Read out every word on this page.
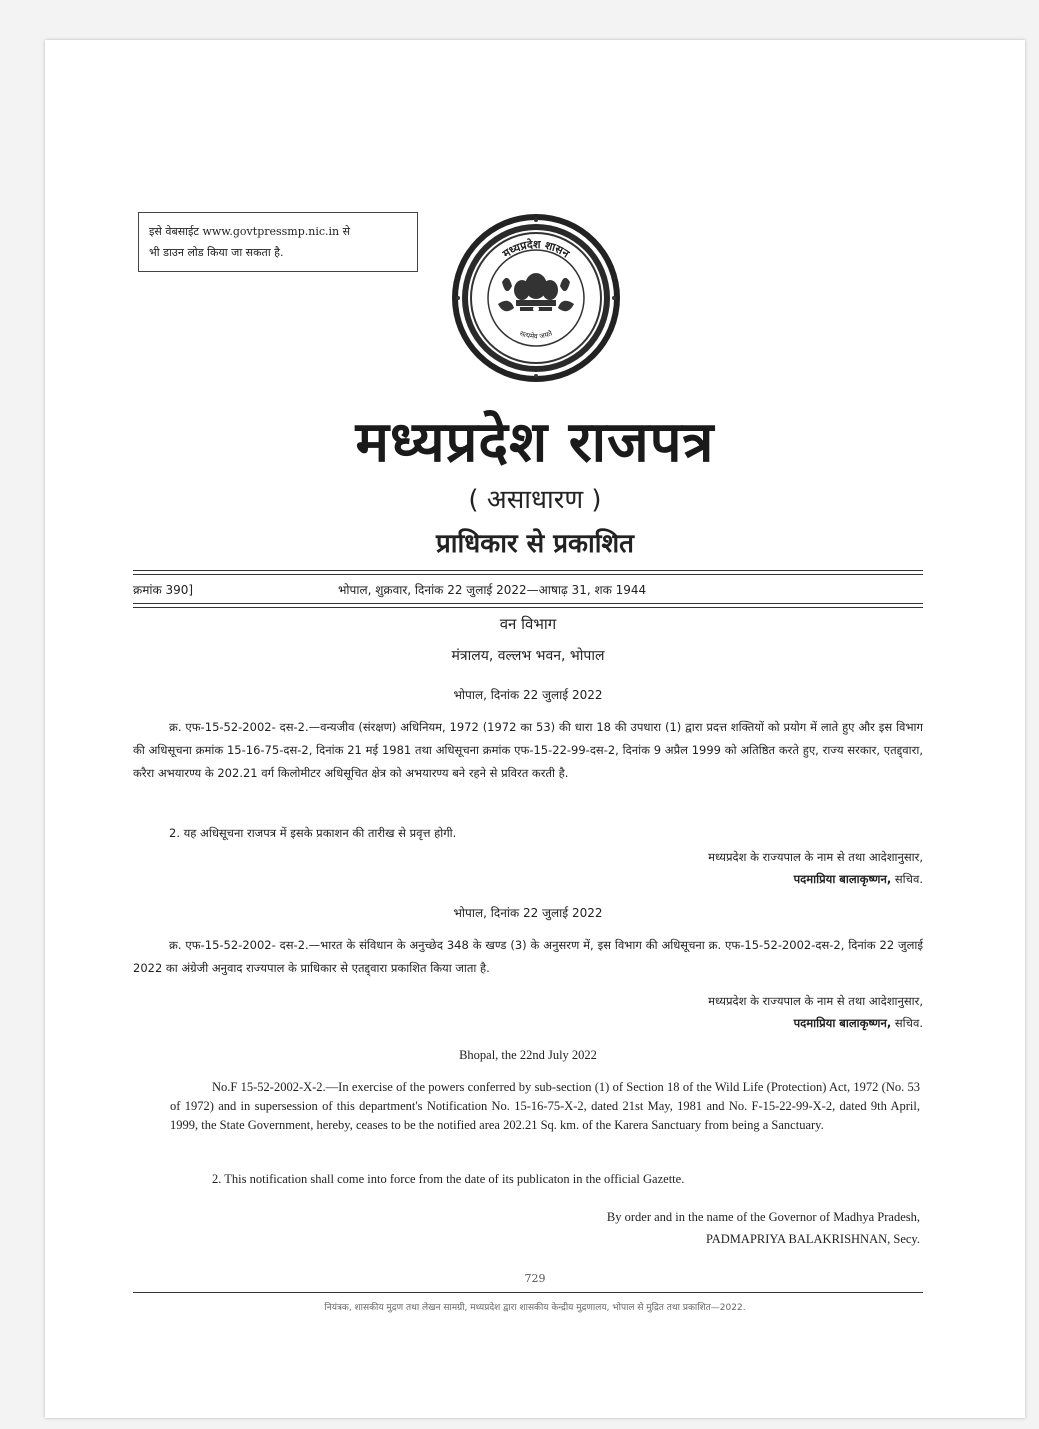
इसे वेबसाईट www.govtpressmp.nic.in से
भी डाउन लोड किया जा सकता है.	मध्यप्रदेश शासन
सत्यमेव जयते
मध्यप्रदेश राजपत्र
( असाधारण )
प्राधिकार से प्रकाशित
क्रमांक 390]	भोपाल, शुक्रवार, दिनांक 22 जुलाई 2022—आषाढ़ 31, शक 1944
वन विभाग
मंत्रालय, वल्लभ भवन, भोपाल
भोपाल, दिनांक 22 जुलाई 2022

क्र. एफ-15-52-2002- दस-2.—वन्यजीव (संरक्षण) अधिनियम, 1972 (1972 का 53) की धारा 18 की उपधारा (1) द्वारा प्रदत्त शक्तियों को प्रयोग में लाते हुए और इस विभाग की अधिसूचना क्रमांक 15-16-75-दस-2, दिनांक 21 मई 1981 तथा अधिसूचना क्रमांक एफ-15-22-99-दस-2, दिनांक 9 अप्रैल 1999 को अतिष्ठित करते हुए, राज्य सरकार, एतद्द्वारा, करैरा अभयारण्य के 202.21 वर्ग किलोमीटर अधिसूचित क्षेत्र को अभयारण्य बने रहने से प्रविरत करती है.

2. यह अधिसूचना राजपत्र में इसके प्रकाशन की तारीख से प्रवृत्त होगी.

मध्यप्रदेश के राज्यपाल के नाम से तथा आदेशानुसार,
पदमाप्रिया बालाकृष्णन, सचिव.
भोपाल, दिनांक 22 जुलाई 2022

क्र. एफ-15-52-2002- दस-2.—भारत के संविधान के अनुच्छेद 348 के खण्ड (3) के अनुसरण में, इस विभाग की अधिसूचना क्र. एफ-15-52-2002-दस-2, दिनांक 22 जुलाई 2022 का अंग्रेजी अनुवाद राज्यपाल के प्राधिकार से एतद्द्वारा प्रकाशित किया जाता है.

मध्यप्रदेश के राज्यपाल के नाम से तथा आदेशानुसार,
पदमाप्रिया बालाकृष्णन, सचिव.
Bhopal, the 22nd July 2022

No.F 15-52-2002-X-2.—In exercise of the powers conferred by sub-section (1) of Section 18 of the Wild Life (Protection) Act, 1972 (No. 53 of 1972) and in supersession of this department's Notification No. 15-16-75-X-2, dated 21st May, 1981 and No. F-15-22-99-X-2, dated 9th April, 1999, the State Government, hereby, ceases to be the notified area 202.21 Sq. km. of the Karera Sanctuary from being a Sanctuary.

2. This notification shall come into force from the date of its publicaton in the official Gazette.

By order and in the name of the Governor of Madhya Pradesh,
PADMAPRIYA BALAKRISHNAN, Secy.
729
नियंत्रक, शासकीय मुद्रण तथा लेखन सामग्री, मध्यप्रदेश द्वारा शासकीय केन्द्रीय मुद्रणालय, भोपाल से मुद्रित तथा प्रकाशित—2022.
